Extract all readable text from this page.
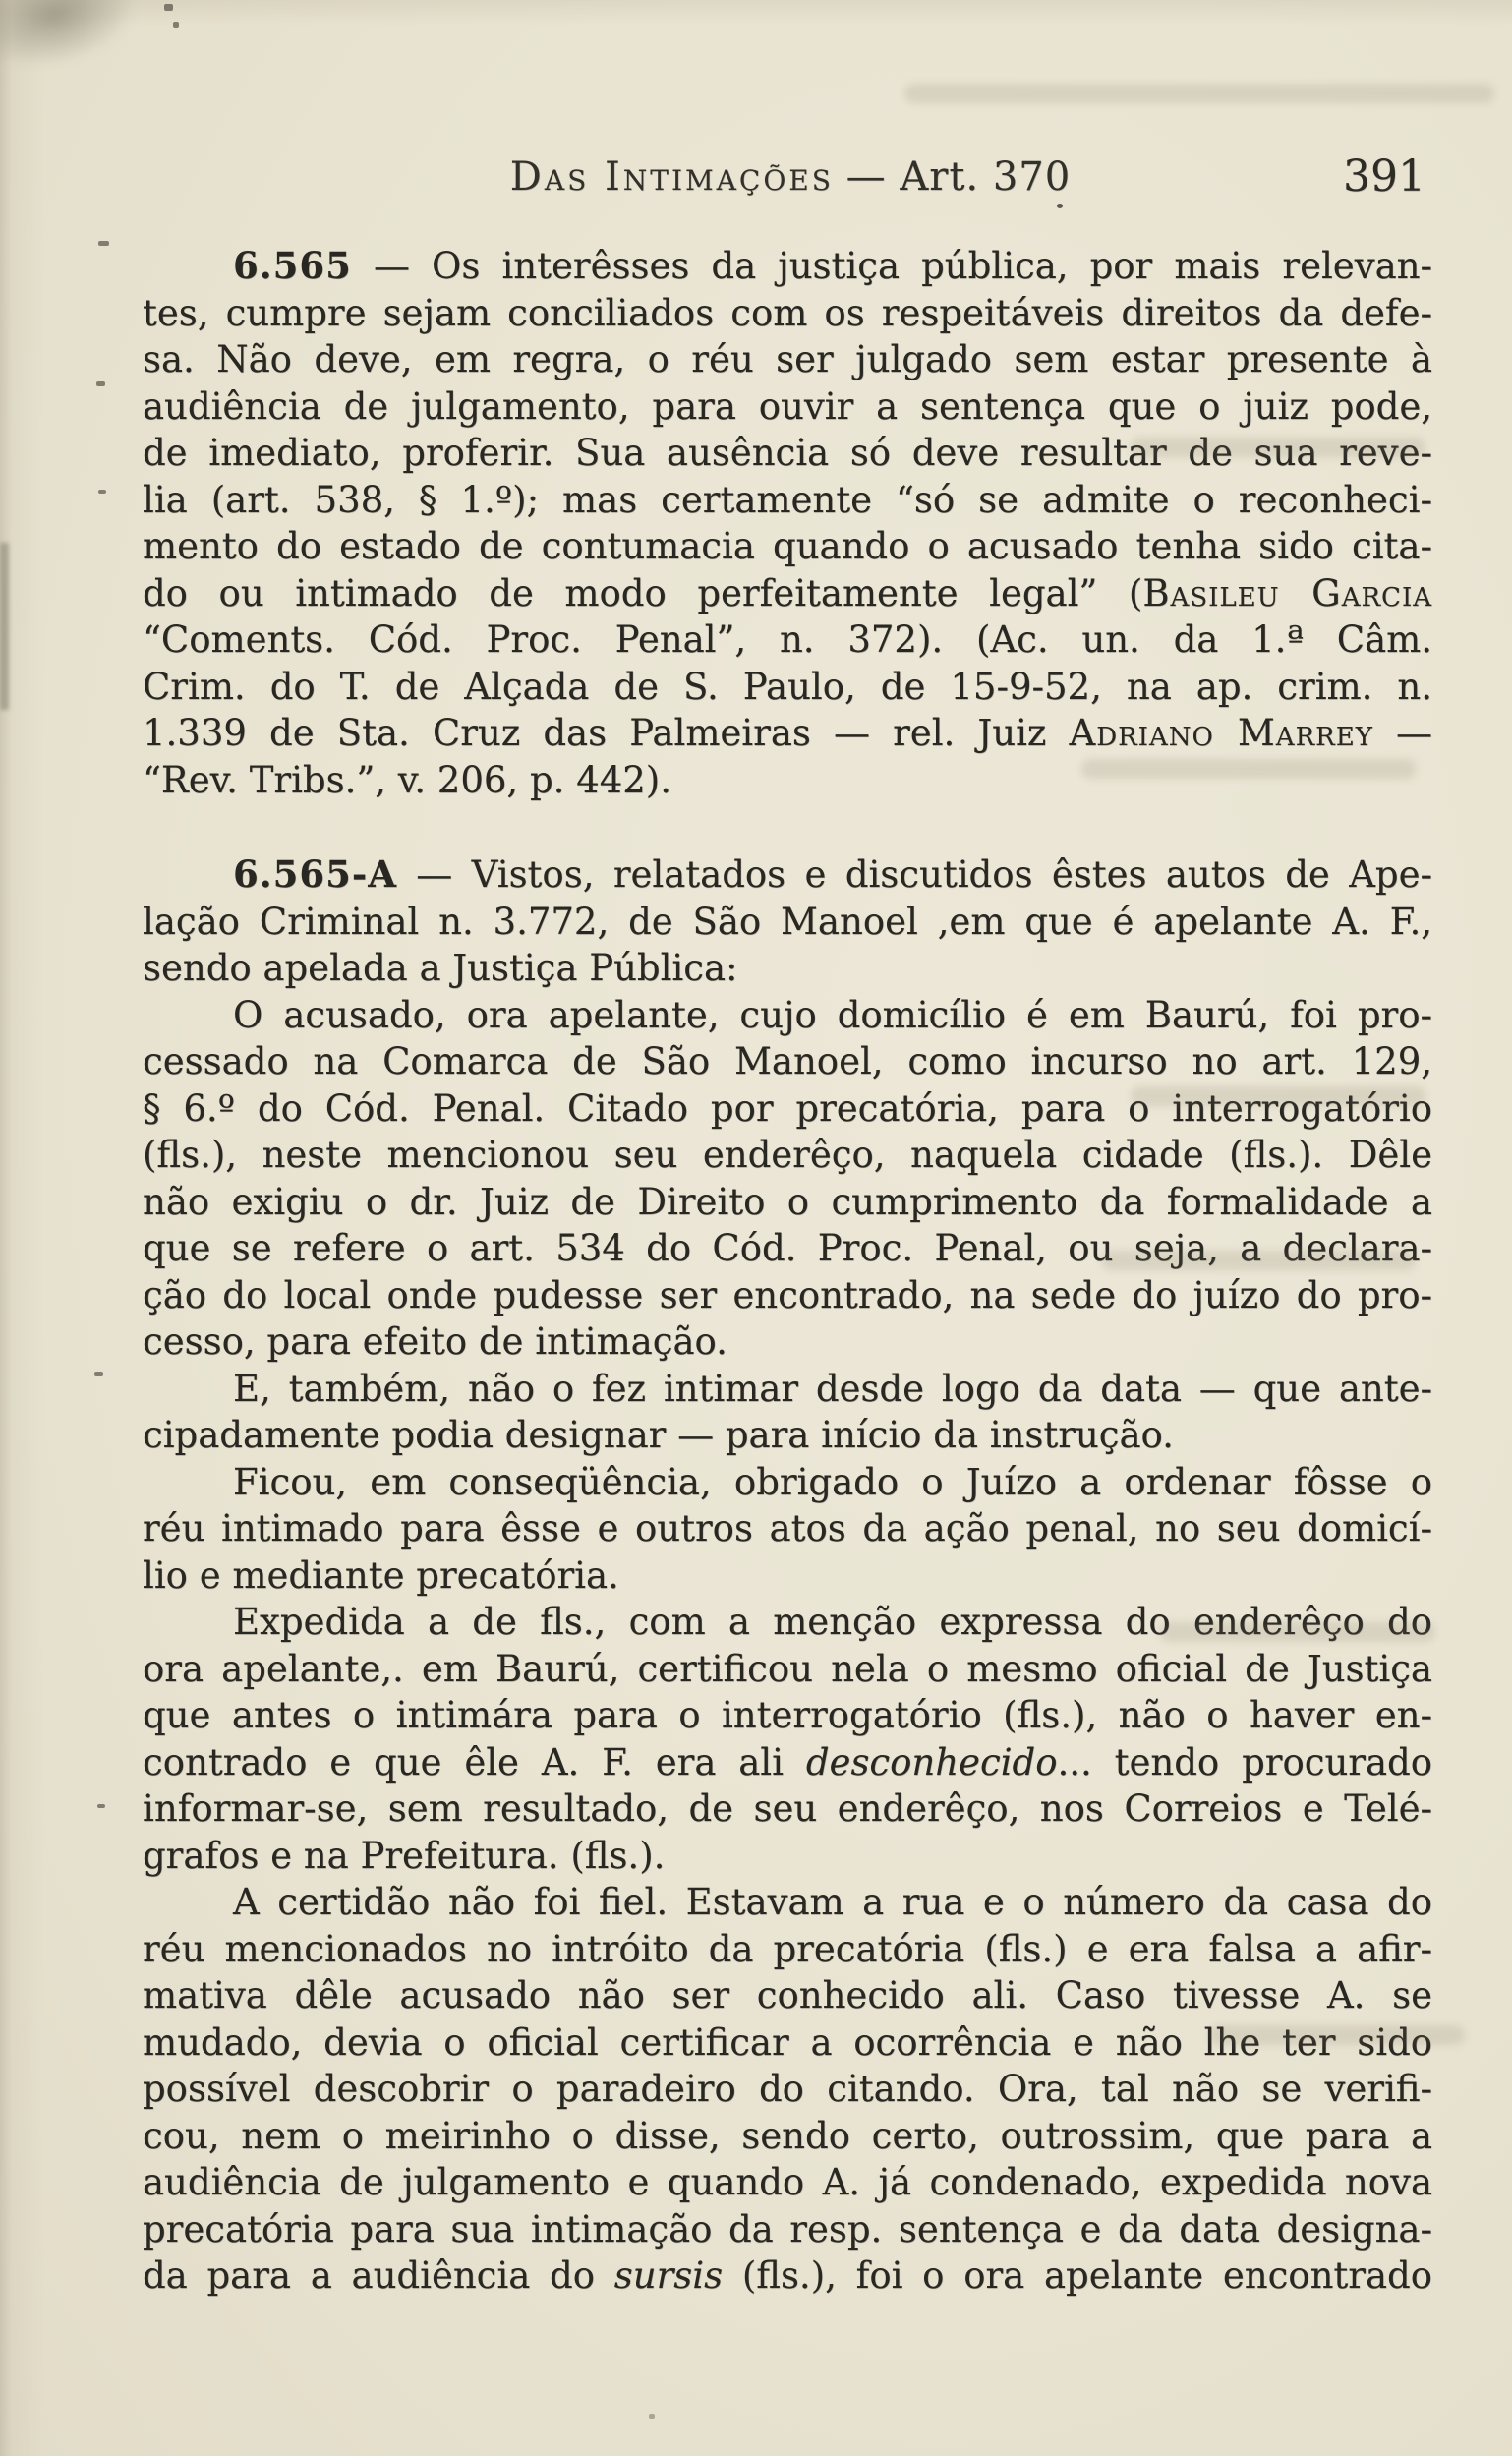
Das Intimações — Art. 370	391
6.565 — Os interêsses da justiça pública, por mais relevan-
tes, cumpre sejam conciliados com os respeitáveis direitos da defe-
sa. Não deve, em regra, o réu ser julgado sem estar presente à
audiência de julgamento, para ouvir a sentença que o juiz pode,
de imediato, proferir. Sua ausência só deve resultar de sua reve-
lia (art. 538, § 1.º); mas certamente “só se admite o reconheci-
mento do estado de contumacia quando o acusado tenha sido cita-
do ou intimado de modo perfeitamente legal” (Basileu Garcia
“Coments. Cód. Proc. Penal”, n. 372). (Ac. un. da 1.ª Câm.
Crim. do T. de Alçada de S. Paulo, de 15-9-52, na ap. crim. n.
1.339 de Sta. Cruz das Palmeiras — rel. Juiz Adriano Marrey —
“Rev. Tribs.”, v. 206, p. 442).
6.565-A — Vistos, relatados e discutidos êstes autos de Ape-
lação Criminal n. 3.772, de São Manoel ,em que é apelante A. F.,
sendo apelada a Justiça Pública:
O acusado, ora apelante, cujo domicílio é em Baurú, foi pro-
cessado na Comarca de São Manoel, como incurso no art. 129,
§ 6.º do Cód. Penal. Citado por precatória, para o interrogatório
(fls.), neste mencionou seu enderêço, naquela cidade (fls.). Dêle
não exigiu o dr. Juiz de Direito o cumprimento da formalidade a
que se refere o art. 534 do Cód. Proc. Penal, ou seja, a declara-
ção do local onde pudesse ser encontrado, na sede do juízo do pro-
cesso, para efeito de intimação.
E, também, não o fez intimar desde logo da data — que ante-
cipadamente podia designar — para início da instrução.
Ficou, em conseqüência, obrigado o Juízo a ordenar fôsse o
réu intimado para êsse e outros atos da ação penal, no seu domicí-
lio e mediante precatória.
Expedida a de fls., com a menção expressa do enderêço do
ora apelante,. em Baurú, certificou nela o mesmo oficial de Justiça
que antes o intimára para o interrogatório (fls.), não o haver en-
contrado e que êle A. F. era ali desconhecido... tendo procurado
informar-se, sem resultado, de seu enderêço, nos Correios e Telé-
grafos e na Prefeitura. (fls.).
A certidão não foi fiel. Estavam a rua e o número da casa do
réu mencionados no intróito da precatória (fls.) e era falsa a afir-
mativa dêle acusado não ser conhecido ali. Caso tivesse A. se
mudado, devia o oficial certificar a ocorrência e não lhe ter sido
possível descobrir o paradeiro do citando. Ora, tal não se verifi-
cou, nem o meirinho o disse, sendo certo, outrossim, que para a
audiência de julgamento e quando A. já condenado, expedida nova
precatória para sua intimação da resp. sentença e da data designa-
da para a audiência do sursis (fls.), foi o ora apelante encontrado
